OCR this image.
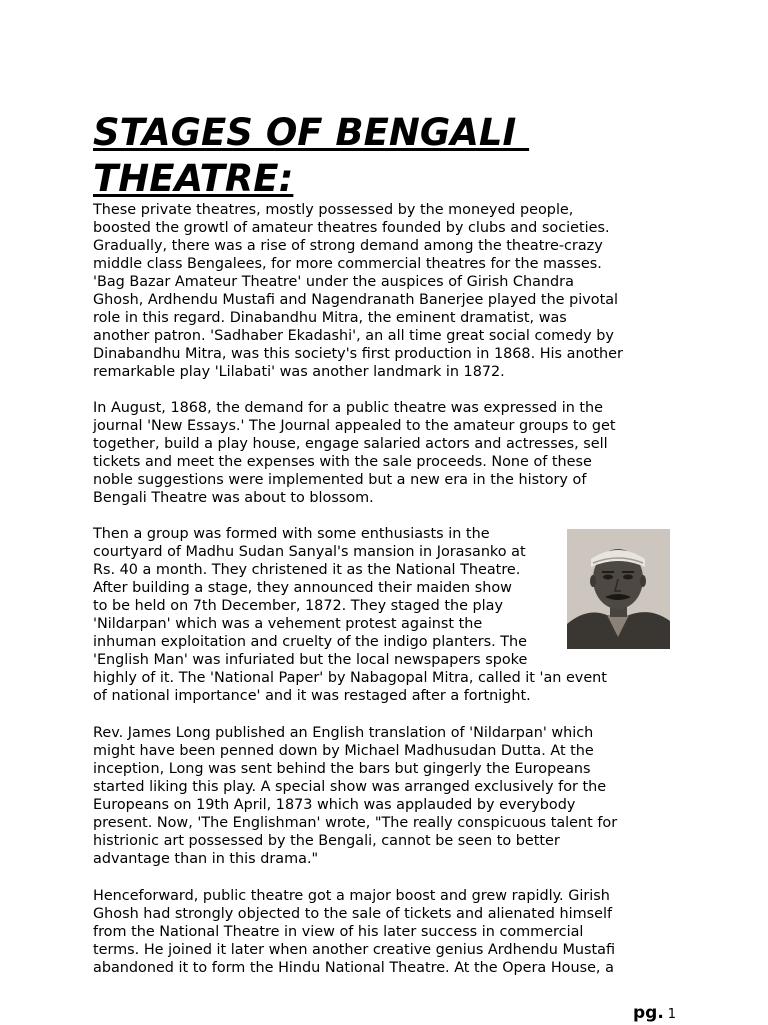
STAGES OF BENGALI
THEATRE:

These private theatres, mostly possessed by the moneyed people,
boosted the growtl of amateur theatres founded by clubs and societies.
Gradually, there was a rise of strong demand among the theatre-crazy
middle class Bengalees, for more commercial theatres for the masses.
'Bag Bazar Amateur Theatre' under the auspices of Girish Chandra
Ghosh, Ardhendu Mustafi and Nagendranath Banerjee played the pivotal
role in this regard. Dinabandhu Mitra, the eminent dramatist, was
another patron. 'Sadhaber Ekadashi', an all time great social comedy by
Dinabandhu Mitra, was this society's first production in 1868. His another
remarkable play 'Lilabati' was another landmark in 1872.

In August, 1868, the demand for a public theatre was expressed in the
journal 'New Essays.' The Journal appealed to the amateur groups to get
together, build a play house, engage salaried actors and actresses, sell
tickets and meet the expenses with the sale proceeds. None of these
noble suggestions were implemented but a new era in the history of
Bengali Theatre was about to blossom.

Then a group was formed with some enthusiasts in the
courtyard of Madhu Sudan Sanyal's mansion in Jorasanko at
Rs. 40 a month. They christened it as the National Theatre.
After building a stage, they announced their maiden show
to be held on 7th December, 1872. They staged the play
'Nildarpan' which was a vehement protest against the
inhuman exploitation and cruelty of the indigo planters. The
'English Man' was infuriated but the local newspapers spoke
highly of it. The 'National Paper' by Nabagopal Mitra, called it 'an event
of national importance' and it was restaged after a fortnight.

Rev. James Long published an English translation of 'Nildarpan' which
might have been penned down by Michael Madhusudan Dutta. At the
inception, Long was sent behind the bars but gingerly the Europeans
started liking this play. A special show was arranged exclusively for the
Europeans on 19th April, 1873 which was applauded by everybody
present. Now, 'The Englishman' wrote, "The really conspicuous talent for
histrionic art possessed by the Bengali, cannot be seen to better
advantage than in this drama."

Henceforward, public theatre got a major boost and grew rapidly. Girish
Ghosh had strongly objected to the sale of tickets and alienated himself
from the National Theatre in view of his later success in commercial
terms. He joined it later when another creative genius Ardhendu Mustafi
abandoned it to form the Hindu National Theatre. At the Opera House, a

pg. 1
